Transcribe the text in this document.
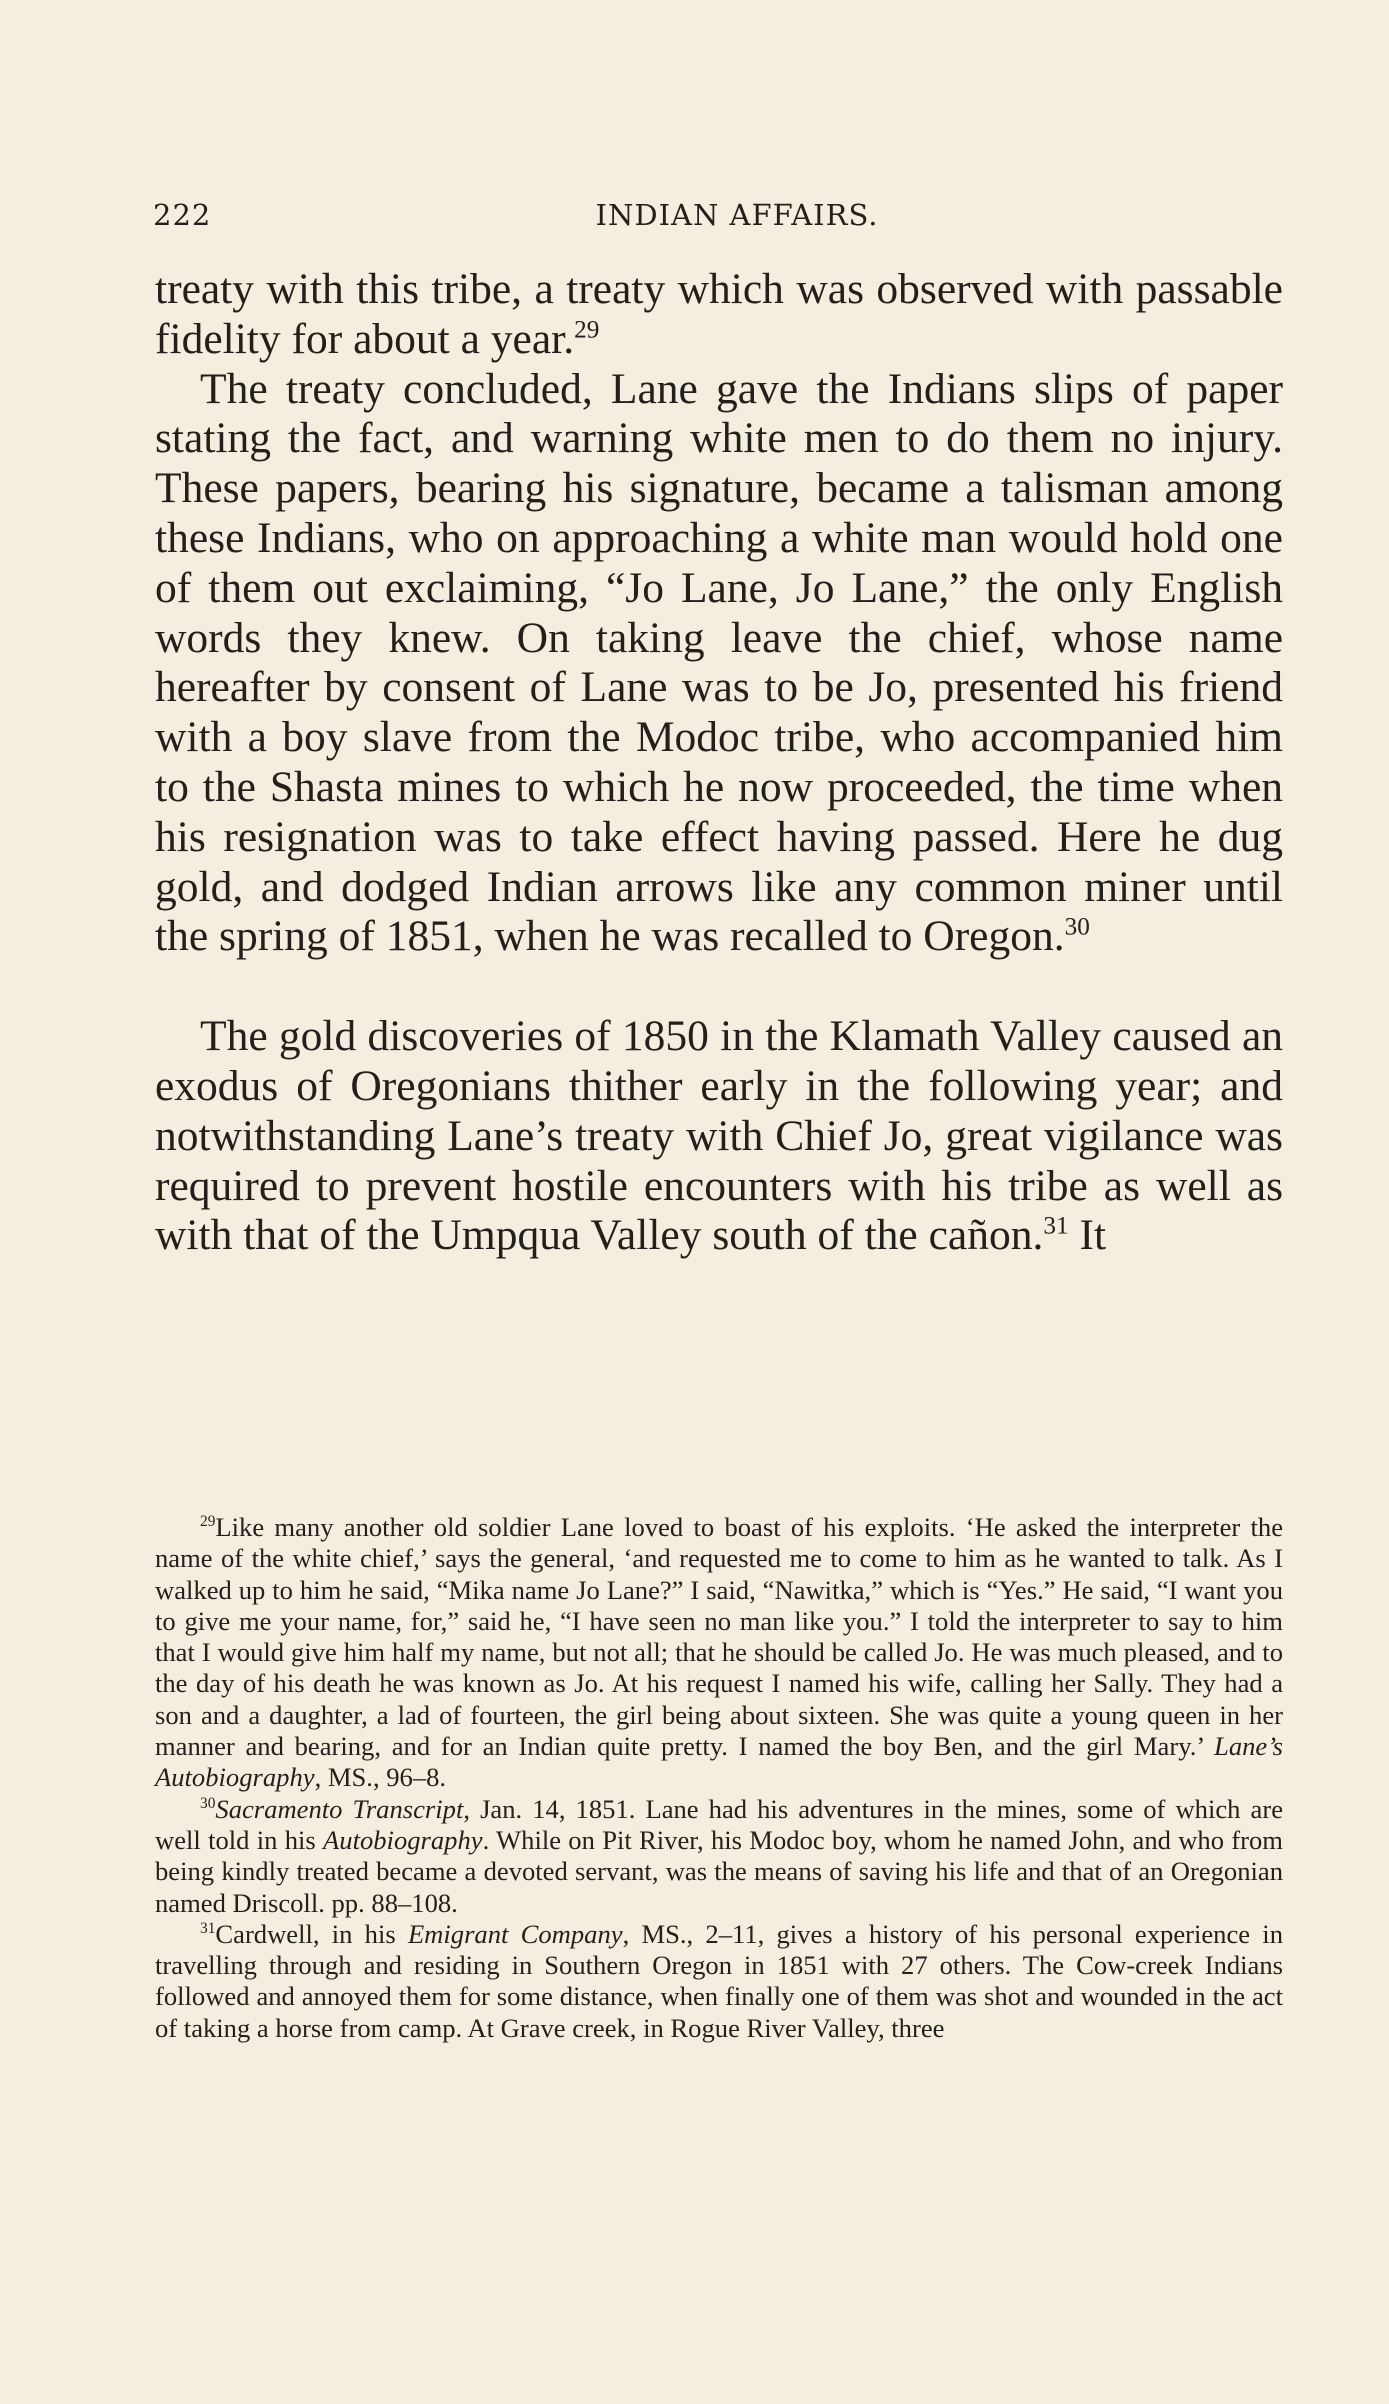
222	INDIAN AFFAIRS.

treaty with this tribe, a treaty which was observed with passable fidelity for about a year.$^{29}$

The treaty concluded, Lane gave the Indians slips of paper stating the fact, and warning white men to do them no injury. These papers, bearing his signature, became a talisman among these Indians, who on approaching a white man would hold one of them out exclaiming, “Jo Lane, Jo Lane,” the only English words they knew. On taking leave the chief, whose name hereafter by consent of Lane was to be Jo, presented his friend with a boy slave from the Modoc tribe, who accompanied him to the Shasta mines to which he now proceeded, the time when his resignation was to take effect having passed. Here he dug gold, and dodged Indian arrows like any common miner until the spring of 1851, when he was recalled to Oregon.$^{30}$

The gold discoveries of 1850 in the Klamath Valley caused an exodus of Oregonians thither early in the following year; and notwithstanding Lane’s treaty with Chief Jo, great vigilance was required to prevent hostile encounters with his tribe as well as with that of the Umpqua Valley south of the cañon.$^{31}$ It

$^{29}$Like many another old soldier Lane loved to boast of his exploits. ‘He asked the interpreter the name of the white chief,’ says the general, ‘and requested me to come to him as he wanted to talk. As I walked up to him he said, “Mika name Jo Lane?” I said, “Nawitka,” which is “Yes.” He said, “I want you to give me your name, for,” said he, “I have seen no man like you.” I told the interpreter to say to him that I would give him half my name, but not all; that he should be called Jo. He was much pleased, and to the day of his death he was known as Jo. At his request I named his wife, calling her Sally. They had a son and a daughter, a lad of fourteen, the girl being about sixteen. She was quite a young queen in her manner and bearing, and for an Indian quite pretty. I named the boy Ben, and the girl Mary.’ Lane’s Autobiography, MS., 96–8.

$^{30}$Sacramento Transcript, Jan. 14, 1851. Lane had his adventures in the mines, some of which are well told in his Autobiography. While on Pit River, his Modoc boy, whom he named John, and who from being kindly treated became a devoted servant, was the means of saving his life and that of an Oregonian named Driscoll. pp. 88–108.

$^{31}$Cardwell, in his Emigrant Company, MS., 2–11, gives a history of his personal experience in travelling through and residing in Southern Oregon in 1851 with 27 others. The Cow-creek Indians followed and annoyed them for some distance, when finally one of them was shot and wounded in the act of taking a horse from camp. At Grave creek, in Rogue River Valley, three
